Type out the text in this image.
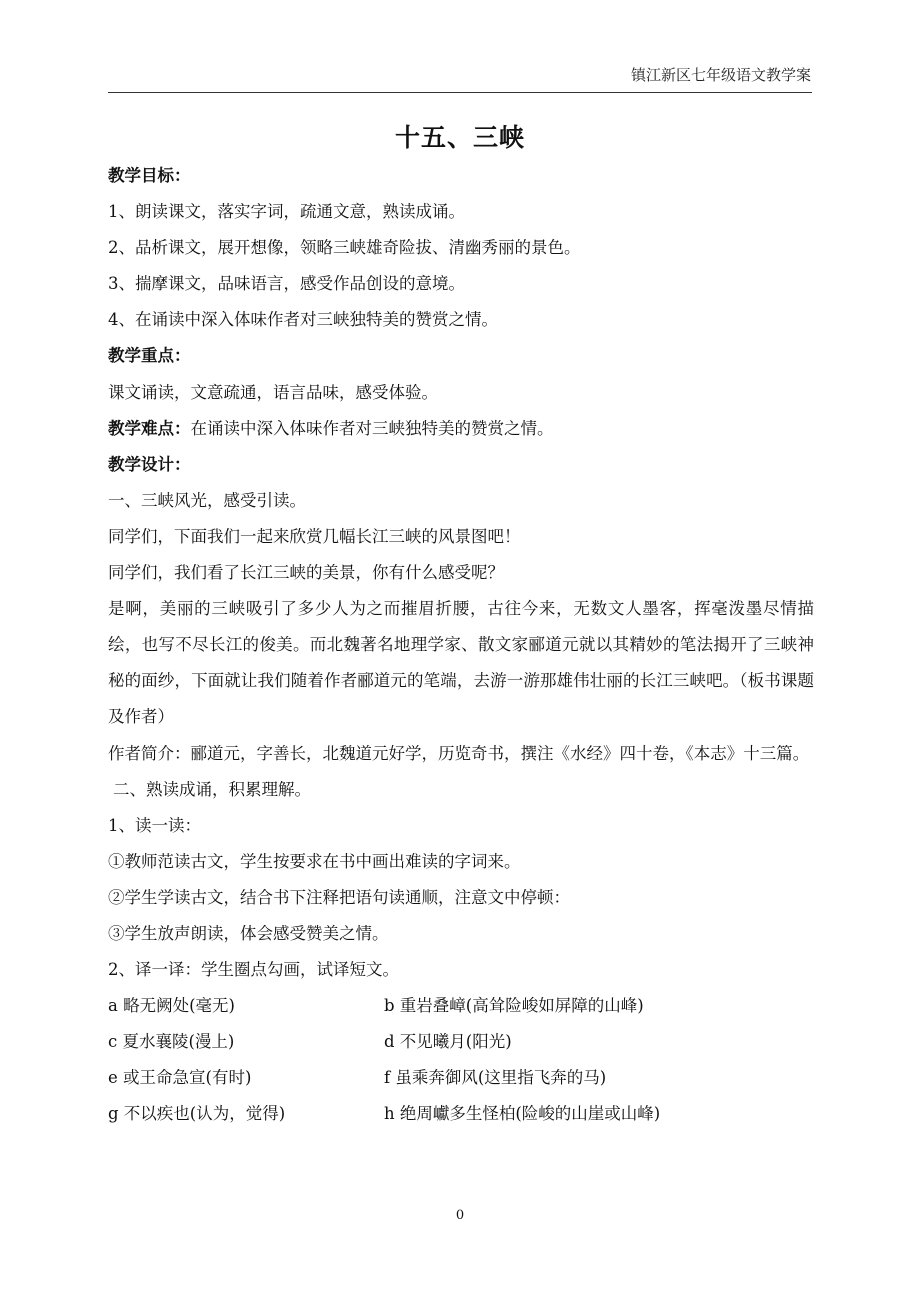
镇江新区七年级语文教学案
十五、三峡

教学目标：

1、朗读课文，落实字词，疏通文意，熟读成诵。

2、品析课文，展开想像，领略三峡雄奇险拔、清幽秀丽的景色。

3、揣摩课文，品味语言，感受作品创设的意境。

4、在诵读中深入体味作者对三峡独特美的赞赏之情。

教学重点：

课文诵读，文意疏通，语言品味，感受体验。

教学难点：在诵读中深入体味作者对三峡独特美的赞赏之情。

教学设计：

一、三峡风光，感受引读。

同学们，下面我们一起来欣赏几幅长江三峡的风景图吧！

同学们，我们看了长江三峡的美景，你有什么感受呢？

是啊，美丽的三峡吸引了多少人为之而摧眉折腰，古往今来，无数文人墨客，挥毫泼墨尽情描绘，也写不尽长江的俊美。而北魏著名地理学家、散文家郦道元就以其精妙的笔法揭开了三峡神秘的面纱，下面就让我们随着作者郦道元的笔端，去游一游那雄伟壮丽的长江三峡吧。（板书课题及作者）

作者简介：郦道元，字善长，北魏道元好学，历览奇书，撰注《水经》四十卷，《本志》十三篇。

二、熟读成诵，积累理解。

1、读一读：

①教师范读古文，学生按要求在书中画出难读的字词来。

②学生学读古文，结合书下注释把语句读通顺，注意文中停顿：

③学生放声朗读，体会感受赞美之情。

2、译一译：学生圈点勾画，试译短文。

a 略无阙处(毫无)	b 重岩叠嶂(高耸险峻如屏障的山峰)
c 夏水襄陵(漫上)	d 不见曦月(阳光)
e 或王命急宣(有时)	f 虽乘奔御风(这里指飞奔的马)
g 不以疾也(认为，觉得)	h 绝周巘多生怪柏(险峻的山崖或山峰)
0
